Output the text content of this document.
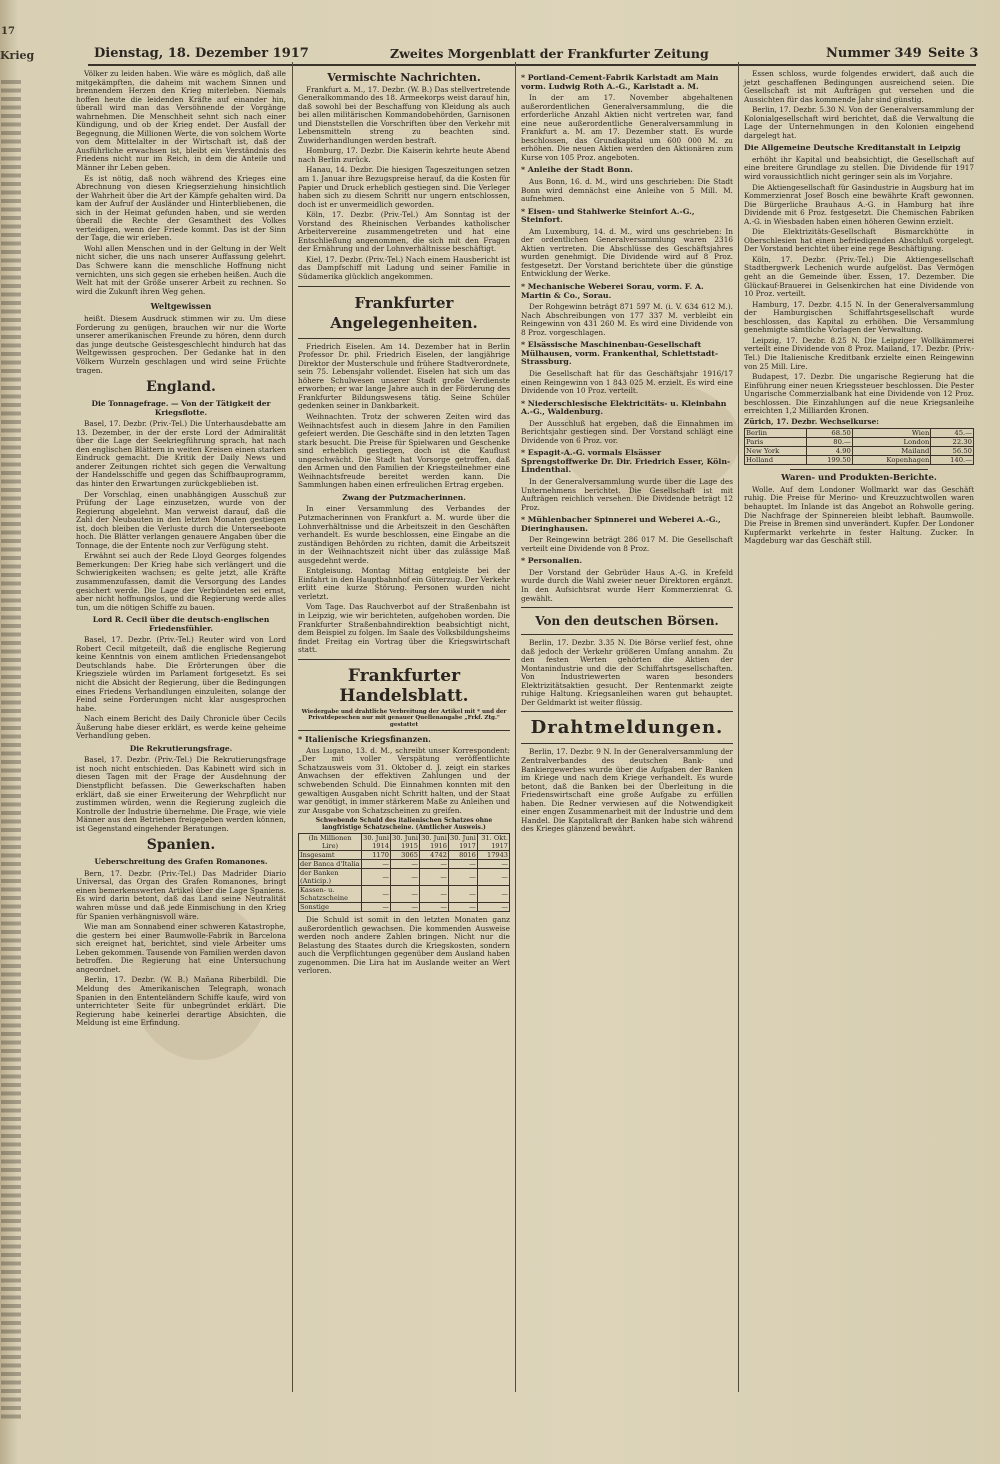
17
Krieg	Dienstag, 18. Dezember 1917	Zweites Morgenblatt der Frankfurter Zeitung	Nummer 349 Seite 3

Völker zu leiden haben. Wie wäre es möglich, daß alle mitgekämpften, die daheim mit wachem Sinnen und brennendem Herzen den Krieg miterleben. Niemals hoffen heute die leidenden Kräfte auf einander hin, überall wird man das Versöhnende der Vorgänge wahrnehmen. Die Menschheit sehnt sich nach einer Kündigung, und ob der Krieg endet. Der Ausfall der Begegnung, die Millionen Werte, die von solchem Worte von dem Mittelalter in der Wirtschaft ist, daß der Ausführliche erwachsen ist, bleibt ein Verständnis des Friedens nicht nur im Reich, in dem die Anteile und Männer ihr Leben geben.

Es ist nötig, daß noch während des Krieges eine Abrechnung von diesen Kriegserziehung hinsichtlich der Wahrheit über die Art der Kämpfe gehalten wird. Da kam der Aufruf der Ausländer und Hinterbliebenen, die sich in der Heimat gefunden haben, und sie werden überall die Rechte der Gesamtheit des Volkes verteidigen, wenn der Friede kommt. Das ist der Sinn der Tage, die wir erleben.

Wohl allen Menschen und in der Geltung in der Welt nicht sicher, die uns nach unserer Auffassung gelehrt. Das Schwere kann die menschliche Hoffnung nicht vernichten, uns sich gegen sie erheben heißen. Auch die Welt hat mit der Größe unserer Arbeit zu rechnen. So wird die Zukunft ihren Weg gehen.

Weltgewissen

heißt. Diesem Ausdruck stimmen wir zu. Um diese Forderung zu genügen, brauchen wir nur die Worte unserer amerikanischen Freunde zu hören, denn durch das junge deutsche Geistesgeschlecht hindurch hat das Weltgewissen gesprochen. Der Gedanke hat in den Völkern Wurzeln geschlagen und wird seine Früchte tragen.

England.
Die Tonnagefrage. — Von der Tätigkeit der Kriegsflotte.

Basel, 17. Dezbr. (Priv.-Tel.) Die Unterhausdebatte am 13. Dezember, in der der erste Lord der Admiralität über die Lage der Seekriegführung sprach, hat nach den englischen Blättern in weiten Kreisen einen starken Eindruck gemacht. Die Kritik der Daily News und anderer Zeitungen richtet sich gegen die Verwaltung der Handelsschiffe und gegen das Schiffbauprogramm, das hinter den Erwartungen zurückgeblieben ist.

Der Vorschlag, einen unabhängigen Ausschuß zur Prüfung der Lage einzusetzen, wurde von der Regierung abgelehnt. Man verweist darauf, daß die Zahl der Neubauten in den letzten Monaten gestiegen ist, doch bleiben die Verluste durch die Unterseeboote hoch. Die Blätter verlangen genauere Angaben über die Tonnage, die der Entente noch zur Verfügung steht.

Erwähnt sei auch der Rede Lloyd Georges folgendes Bemerkungen: Der Krieg habe sich verlängert und die Schwierigkeiten wachsen; es gelte jetzt, alle Kräfte zusammenzufassen, damit die Versorgung des Landes gesichert werde. Die Lage der Verbündeten sei ernst, aber nicht hoffnungslos, und die Regierung werde alles tun, um die nötigen Schiffe zu bauen.

Lord R. Cecil über die deutsch-englischen Friedensfühler.

Basel, 17. Dezbr. (Priv.-Tel.) Reuter wird von Lord Robert Cecil mitgeteilt, daß die englische Regierung keine Kenntnis von einem amtlichen Friedensangebot Deutschlands habe. Die Erörterungen über die Kriegsziele würden im Parlament fortgesetzt. Es sei nicht die Absicht der Regierung, über die Bedingungen eines Friedens Verhandlungen einzuleiten, solange der Feind seine Forderungen nicht klar ausgesprochen habe.

Nach einem Bericht des Daily Chronicle über Cecils Äußerung habe dieser erklärt, es werde keine geheime Verhandlung geben.

Die Rekrutierungsfrage.

Basel, 17. Dezbr. (Priv.-Tel.) Die Rekrutierungsfrage ist noch nicht entschieden. Das Kabinett wird sich in diesen Tagen mit der Frage der Ausdehnung der Dienstpflicht befassen. Die Gewerkschaften haben erklärt, daß sie einer Erweiterung der Wehrpflicht nur zustimmen würden, wenn die Regierung zugleich die Kontrolle der Industrie übernehme. Die Frage, wie viele Männer aus den Betrieben freigegeben werden können, ist Gegenstand eingehender Beratungen.

Spanien.
Ueberschreitung des Grafen Romanones.

Bern, 17. Dezbr. (Priv.-Tel.) Das Madrider Diario Universal, das Organ des Grafen Romanones, bringt einen bemerkenswerten Artikel über die Lage Spaniens. Es wird darin betont, daß das Land seine Neutralität wahren müsse und daß jede Einmischung in den Krieg für Spanien verhängnisvoll wäre.

Wie man am Sonnabend einer schweren Katastrophe, die gestern bei einer Baumwolle-Fabrik in Barcelona sich ereignet hat, berichtet, sind viele Arbeiter ums Leben gekommen. Tausende von Familien werden davon betroffen. Die Regierung hat eine Untersuchung angeordnet.

Berlin, 17. Dezbr. (W. B.) Mañana Riberbildl. Die Meldung des Amerikanischen Telegraph, wonach Spanien in den Ententeländern Schiffe kaufe, wird von unterrichteter Seite für unbegründet erklärt. Die Regierung habe keinerlei derartige Absichten, die Meldung ist eine Erfindung.

Vermischte Nachrichten.

Frankfurt a. M., 17. Dezbr. (W. B.) Das stellvertretende Generalkommando des 18. Armeekorps weist darauf hin, daß sowohl bei der Beschaffung von Kleidung als auch bei allen militärischen Kommandobehörden, Garnisonen und Dienststellen die Vorschriften über den Verkehr mit Lebensmitteln streng zu beachten sind. Zuwiderhandlungen werden bestraft.

Homburg, 17. Dezbr. Die Kaiserin kehrte heute Abend nach Berlin zurück.

Hanau, 14. Dezbr. Die hiesigen Tageszeitungen setzen am 1. Januar ihre Bezugspreise herauf, da die Kosten für Papier und Druck erheblich gestiegen sind. Die Verleger haben sich zu diesem Schritt nur ungern entschlossen, doch ist er unvermeidlich geworden.

Köln, 17. Dezbr. (Priv.-Tel.) Am Sonntag ist der Vorstand des Rheinischen Verbandes katholischer Arbeitervereine zusammengetreten und hat eine Entschließung angenommen, die sich mit den Fragen der Ernährung und der Lohnverhältnisse beschäftigt.

Kiel, 17. Dezbr. (Priv.-Tel.) Nach einem Hausbericht ist das Dampfschiff mit Ladung und seiner Familie in Südamerika glücklich angekommen.

Frankfurter Angelegenheiten.

Friedrich Eiselen. Am 14. Dezember hat in Berlin Professor Dr. phil. Friedrich Eiselen, der langjährige Direktor der Musterschule und frühere Stadtverordnete, sein 75. Lebensjahr vollendet. Eiselen hat sich um das höhere Schulwesen unserer Stadt große Verdienste erworben; er war lange Jahre auch in der Förderung des Frankfurter Bildungswesens tätig. Seine Schüler gedenken seiner in Dankbarkeit.

Weihnachten. Trotz der schweren Zeiten wird das Weihnachtsfest auch in diesem Jahre in den Familien gefeiert werden. Die Geschäfte sind in den letzten Tagen stark besucht. Die Preise für Spielwaren und Geschenke sind erheblich gestiegen, doch ist die Kauflust ungeschwächt. Die Stadt hat Vorsorge getroffen, daß den Armen und den Familien der Kriegsteilnehmer eine Weihnachtsfreude bereitet werden kann. Die Sammlungen haben einen erfreulichen Ertrag ergeben.

Zwang der Putzmacherinnen.

In einer Versammlung des Verbandes der Putzmacherinnen von Frankfurt a. M. wurde über die Lohnverhältnisse und die Arbeitszeit in den Geschäften verhandelt. Es wurde beschlossen, eine Eingabe an die zuständigen Behörden zu richten, damit die Arbeitszeit in der Weihnachtszeit nicht über das zulässige Maß ausgedehnt werde.

Entgleisung. Montag Mittag entgleiste bei der Einfahrt in den Hauptbahnhof ein Güterzug. Der Verkehr erlitt eine kurze Störung. Personen wurden nicht verletzt.

Vom Tage. Das Rauchverbot auf der Straßenbahn ist in Leipzig, wie wir berichteten, aufgehoben worden. Die Frankfurter Straßenbahndirektion beabsichtigt nicht, dem Beispiel zu folgen. Im Saale des Volksbildungsheims findet Freitag ein Vortrag über die Kriegswirtschaft statt.

Frankfurter Handelsblatt.
Wiedergabe und drahtliche Verbreitung der Artikel mit * und der Privatdepeschen nur mit genauer Quellenangabe „Frkf. Ztg." gestattet
* Italienische Kriegsfinanzen.

Aus Lugano, 13. d. M., schreibt unser Korrespondent: „Der mit voller Verspätung veröffentlichte Schatzausweis vom 31. Oktober d. J. zeigt ein starkes Anwachsen der effektiven Zahlungen und der schwebenden Schuld. Die Einnahmen konnten mit den gewaltigen Ausgaben nicht Schritt halten, und der Staat war genötigt, in immer stärkerem Maße zu Anleihen und zur Ausgabe von Schatzscheinen zu greifen.

Schwebende Schuld des italienischen Schatzes ohne langfristige Schatzscheine. (Amtlicher Ausweis.)
(In Millionen Lire)	30. Juni 1914	30. Juni 1915	30. Juni 1916	30. Juni 1917	31. Okt. 1917
Insgesamt	1170	3065	4742	8016	17943
der Banca d'Italia	—	—	—	—	—
der Banken (Anticip.)	—	—	—	—	—
Kassen- u. Schatzscheine	—	—	—	—	—
Sonstige	—	—	—	—	—

Die Schuld ist somit in den letzten Monaten ganz außerordentlich gewachsen. Die kommenden Ausweise werden noch andere Zahlen bringen. Nicht nur die Belastung des Staates durch die Kriegskosten, sondern auch die Verpflichtungen gegenüber dem Ausland haben zugenommen. Die Lira hat im Auslande weiter an Wert verloren.

* Portland-Cement-Fabrik Karlstadt am Main vorm. Ludwig Roth A.-G., Karlstadt a. M.

In der am 17. November abgehaltenen außerordentlichen Generalversammlung, die die erforderliche Anzahl Aktien nicht vertreten war, fand eine neue außerordentliche Generalversammlung in Frankfurt a. M. am 17. Dezember statt. Es wurde beschlossen, das Grundkapital um 600 000 M. zu erhöhen. Die neuen Aktien werden den Aktionären zum Kurse von 105 Proz. angeboten.

* Anleihe der Stadt Bonn.

Aus Bonn, 16. d. M., wird uns geschrieben: Die Stadt Bonn wird demnächst eine Anleihe von 5 Mill. M. aufnehmen.

* Eisen- und Stahlwerke Steinfort A.-G., Steinfort.

Am Luxemburg, 14. d. M., wird uns geschrieben: In der ordentlichen Generalversammlung waren 2316 Aktien vertreten. Die Abschlüsse des Geschäftsjahres wurden genehmigt. Die Dividende wird auf 8 Proz. festgesetzt. Der Vorstand berichtete über die günstige Entwicklung der Werke.

* Mechanische Weberei Sorau, vorm. F. A. Martin & Co., Sorau.

Der Rohgewinn beträgt 871 597 M. (i. V. 634 612 M.). Nach Abschreibungen von 177 337 M. verbleibt ein Reingewinn von 431 260 M. Es wird eine Dividende von 8 Proz. vorgeschlagen.

* Elsässische Maschinenbau-Gesellschaft Mülhausen, vorm. Frankenthal, Schlettstadt-Strassburg.

Die Gesellschaft hat für das Geschäftsjahr 1916/17 einen Reingewinn von 1 843 025 M. erzielt. Es wird eine Dividende von 10 Proz. verteilt.

* Niederschlesische Elektricitäts- u. Kleinbahn A.-G., Waldenburg.

Der Ausschluß hat ergeben, daß die Einnahmen im Berichtsjahr gestiegen sind. Der Vorstand schlägt eine Dividende von 6 Proz. vor.

* Espagit-A.-G. vormals Elsässer Sprengstoffwerke Dr. Dir. Friedrich Esser, Köln-Lindenthal.

In der Generalversammlung wurde über die Lage des Unternehmens berichtet. Die Gesellschaft ist mit Aufträgen reichlich versehen. Die Dividende beträgt 12 Proz.

* Mühlenbacher Spinnerei und Weberei A.-G., Dieringhausen.

Der Reingewinn beträgt 286 017 M. Die Gesellschaft verteilt eine Dividende von 8 Proz.

* Personalien.

Der Vorstand der Gebrüder Haus A.-G. in Krefeld wurde durch die Wahl zweier neuer Direktoren ergänzt. In den Aufsichtsrat wurde Herr Kommerzienrat G. gewählt.

Von den deutschen Börsen.

Berlin, 17. Dezbr. 3.35 N. Die Börse verlief fest, ohne daß jedoch der Verkehr größeren Umfang annahm. Zu den festen Werten gehörten die Aktien der Montanindustrie und die der Schiffahrtsgesellschaften. Von Industriewerten waren besonders Elektrizitätsaktien gesucht. Der Rentenmarkt zeigte ruhige Haltung. Kriegsanleihen waren gut behauptet. Der Geldmarkt ist weiter flüssig.

Drahtmeldungen.

Berlin, 17. Dezbr. 9 N. In der Generalversammlung der Zentralverbandes des deutschen Bank- und Bankiergewerbes wurde über die Aufgaben der Banken im Kriege und nach dem Kriege verhandelt. Es wurde betont, daß die Banken bei der Überleitung in die Friedenswirtschaft eine große Aufgabe zu erfüllen haben. Die Redner verwiesen auf die Notwendigkeit einer engen Zusammenarbeit mit der Industrie und dem Handel. Die Kapitalkraft der Banken habe sich während des Krieges glänzend bewährt.

Essen schloss, wurde folgendes erwidert, daß auch die jetzt geschaffenen Bedingungen ausreichend seien. Die Gesellschaft ist mit Aufträgen gut versehen und die Aussichten für das kommende Jahr sind günstig.

Berlin, 17. Dezbr. 5.30 N. Von der Generalversammlung der Kolonialgesellschaft wird berichtet, daß die Verwaltung die Lage der Unternehmungen in den Kolonien eingehend dargelegt hat.

Die Allgemeine Deutsche Kreditanstalt in Leipzig

erhöht ihr Kapital und beabsichtigt, die Gesellschaft auf eine breitere Grundlage zu stellen. Die Dividende für 1917 wird voraussichtlich nicht geringer sein als im Vorjahre.

Die Aktiengesellschaft für Gasindustrie in Augsburg hat im Kommerzienrat Josef Bosch eine bewährte Kraft gewonnen. Die Bürgerliche Brauhaus A.-G. in Hamburg hat ihre Dividende mit 6 Proz. festgesetzt. Die Chemischen Fabriken A.-G. in Wiesbaden haben einen höheren Gewinn erzielt.

Die Elektrizitäts-Gesellschaft Bismarckhütte in Oberschlesien hat einen befriedigenden Abschluß vorgelegt. Der Vorstand berichtet über eine rege Beschäftigung.

Köln, 17. Dezbr. (Priv.-Tel.) Die Aktiengesellschaft Stadtbergwerk Lechenich wurde aufgelöst. Das Vermögen geht an die Gemeinde über. Essen, 17. Dezember. Die Glückauf-Brauerei in Gelsenkirchen hat eine Dividende von 10 Proz. verteilt.

Hamburg, 17. Dezbr. 4.15 N. In der Generalversammlung der Hamburgischen Schiffahrtsgesellschaft wurde beschlossen, das Kapital zu erhöhen. Die Versammlung genehmigte sämtliche Vorlagen der Verwaltung.

Leipzig, 17. Dezbr. 8.25 N. Die Leipziger Wollkämmerei verteilt eine Dividende von 8 Proz. Mailand, 17. Dezbr. (Priv.-Tel.) Die Italienische Kreditbank erzielte einen Reingewinn von 25 Mill. Lire.

Budapest, 17. Dezbr. Die ungarische Regierung hat die Einführung einer neuen Kriegssteuer beschlossen. Die Pester Ungarische Commerzialbank hat eine Dividende von 12 Proz. beschlossen. Die Einzahlungen auf die neue Kriegsanleihe erreichten 1,2 Milliarden Kronen.

Zürich, 17. Dezbr. Wechselkurse:
Berlin	68.50	Wien	45.—
Paris	80.—	London	22.30
New York	4.90	Mailand	56.50
Holland	199.50	Kopenhagen	140.—
Waren- und Produkten-Berichte.

Wolle. Auf dem Londoner Wollmarkt war das Geschäft ruhig. Die Preise für Merino- und Kreuzzuchtwollen waren behauptet. Im Inlande ist das Angebot an Rohwolle gering. Die Nachfrage der Spinnereien bleibt lebhaft. Baumwolle. Die Preise in Bremen sind unverändert. Kupfer. Der Londoner Kupfermarkt verkehrte in fester Haltung. Zucker. In Magdeburg war das Geschäft still.
